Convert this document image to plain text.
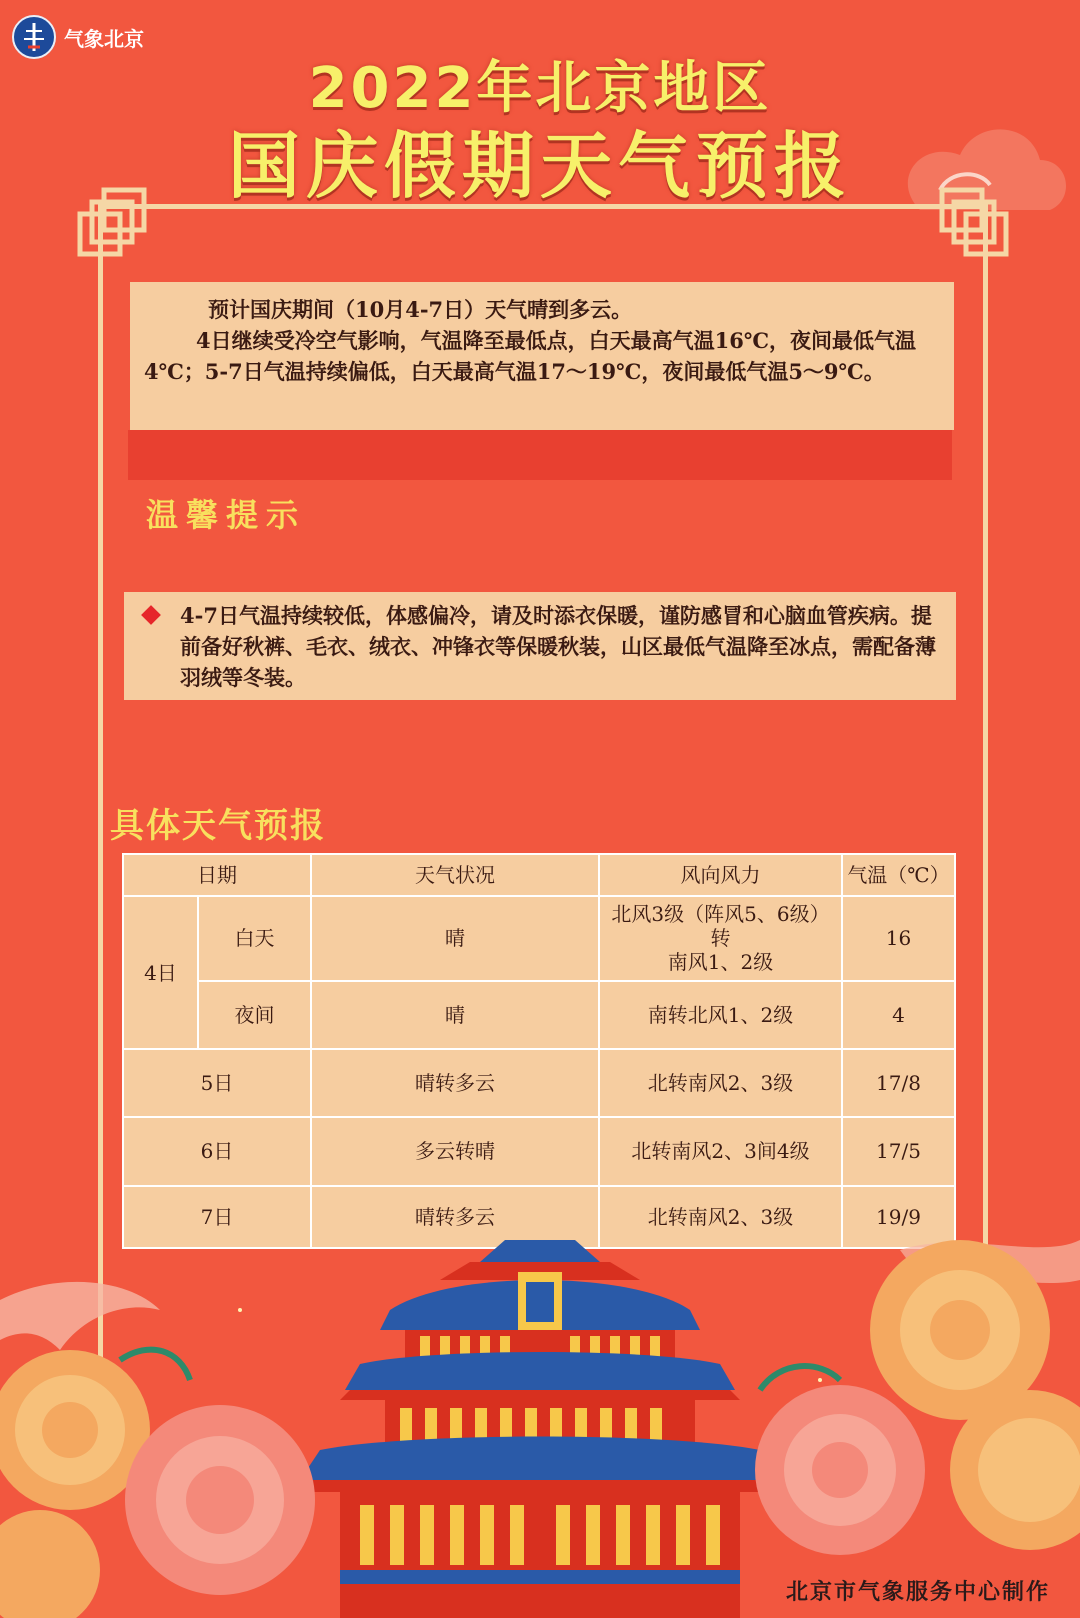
气象北京
2022年北京地区
国庆假期天气预报

预计国庆期间（10月4-7日）天气晴到多云。

4日继续受冷空气影响，气温降至最低点，白天最高气温16℃，夜间最低气温4℃；5-7日气温持续偏低，白天最高气温17～19℃，夜间最低气温5～9℃。

温馨提示
4-7日气温持续较低，体感偏冷，请及时添衣保暖，谨防感冒和心脑血管疾病。提前备好秋裤、毛衣、绒衣、冲锋衣等保暖秋装，山区最低气温降至冰点，需配备薄羽绒等冬装。
具体天气预报
日期		天气状况	风向风力	气温（℃）
4日	白天	晴	北风3级（阵风5、6级）
转
南风1、2级	16
	夜间	晴	南转北风1、2级	4
5日		晴转多云	北转南风2、3级	17/8
6日		多云转晴	北转南风2、3间4级	17/5
7日		晴转多云	北转南风2、3级	19/9
北京市气象服务中心制作
